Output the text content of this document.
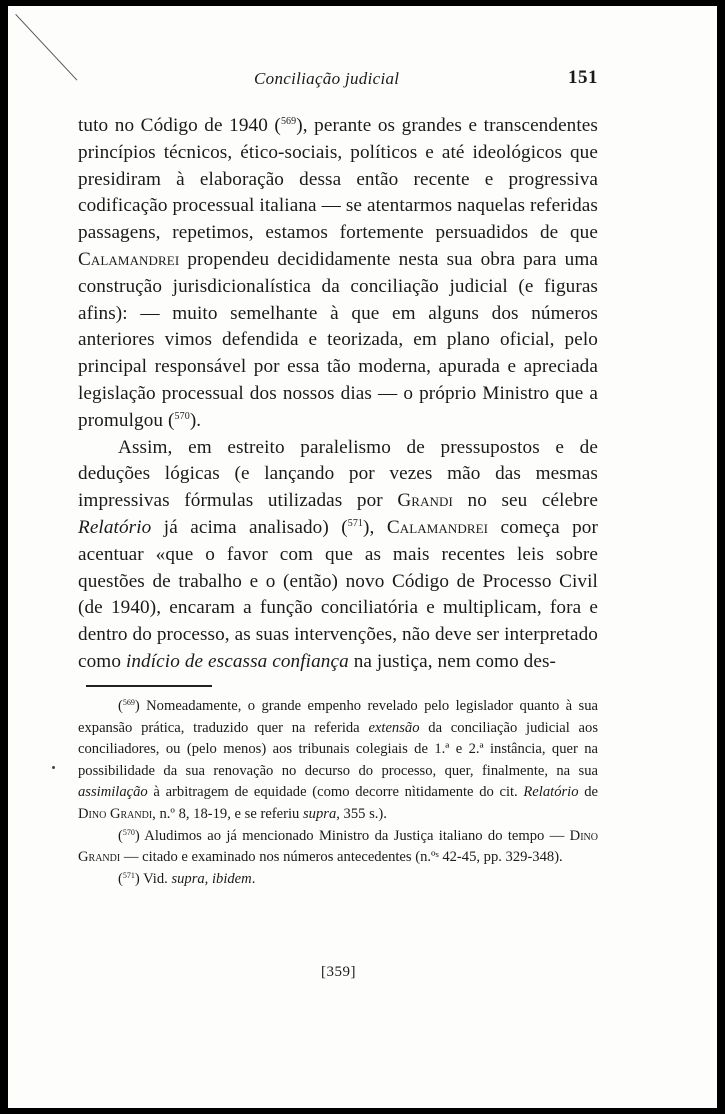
Conciliação judicial	151

tuto no Código de 1940 ($^{569}$), perante os grandes e transcendentes princípios técnicos, ético-sociais, políticos e até ideológicos que presidiram à elaboração dessa então recente e progressiva codificação processual italiana — se atentarmos naquelas referidas passagens, repetimos, estamos fortemente persuadidos de que Calamandrei propendeu decididamente nesta sua obra para uma construção jurisdicionalística da conciliação judicial (e figuras afins): — muito semelhante à que em alguns dos números anteriores vimos defendida e teorizada, em plano oficial, pelo principal responsável por essa tão moderna, apurada e apreciada legislação processual dos nossos dias — o próprio Ministro que a promulgou ($^{570}$).

Assim, em estreito paralelismo de pressupostos e de deduções lógicas (e lançando por vezes mão das mesmas impressivas fórmulas utilizadas por Grandi no seu célebre Relatório já acima analisado) ($^{571}$), Calamandrei começa por acentuar «que o favor com que as mais recentes leis sobre questões de trabalho e o (então) novo Código de Processo Civil (de 1940), encaram a função conciliatória e multiplicam, fora e dentro do processo, as suas intervenções, não deve ser interpretado como indício de escassa confiança na justiça, nem como des-

($^{569}$) Nomeadamente, o grande empenho revelado pelo legislador quanto à sua expansão prática, traduzido quer na referida extensão da conciliação judicial aos conciliadores, ou (pelo menos) aos tribunais colegiais de 1.ª e 2.ª instância, quer na possibilidade da sua renovação no decurso do processo, quer, finalmente, na sua assimilação à arbitragem de equidade (como decorre nìtidamente do cit. Relatório de Dino Grandi, n.º 8, 18-19, e se referiu supra, 355 s.).

($^{570}$) Aludimos ao já mencionado Ministro da Justiça italiano do tempo — Dino Grandi — citado e examinado nos números antecedentes (n.ºˢ 42-45, pp. 329-348).

($^{571}$) Vid. supra, ibidem.

[359]
